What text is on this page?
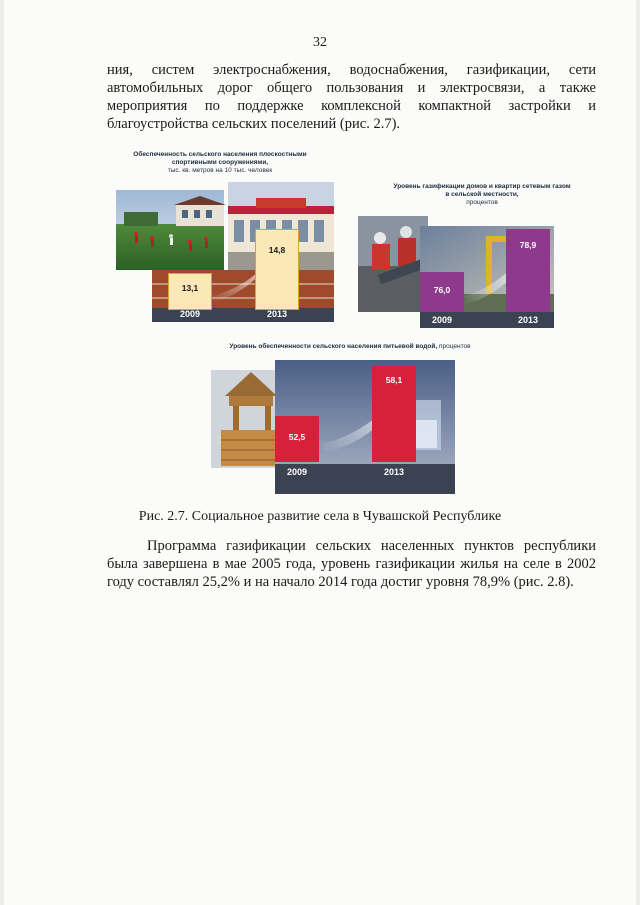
32

ния, систем электроснабжения, водоснабжения, газификации, сети автомобильных дорог общего пользования и электросвязи, а также мероприятия по поддержке комплексной компактной застройки и благоустройства сельских поселений (рис. 2.7).

Обеспеченность сельского населения плоскостными спортивными сооружениями,
тыс. кв. метров на 10 тыс. человек
13,1
14,8
2009	2013
Уровень газификации домов и квартир сетевым газом в сельской местности,
процентов
76,0
78,9
2009	2013
Уровень обеспеченности сельского населения питьевой водой, процентов
52,5
58,1
2009	2013
Рис. 2.7. Социальное развитие села в Чувашской Республике

Программа газификации сельских населенных пунктов республики была завершена в мае 2005 года, уровень газификации жилья на селе в 2002 году составлял 25,2% и на начало 2014 года достиг уровня 78,9% (рис. 2.8).
